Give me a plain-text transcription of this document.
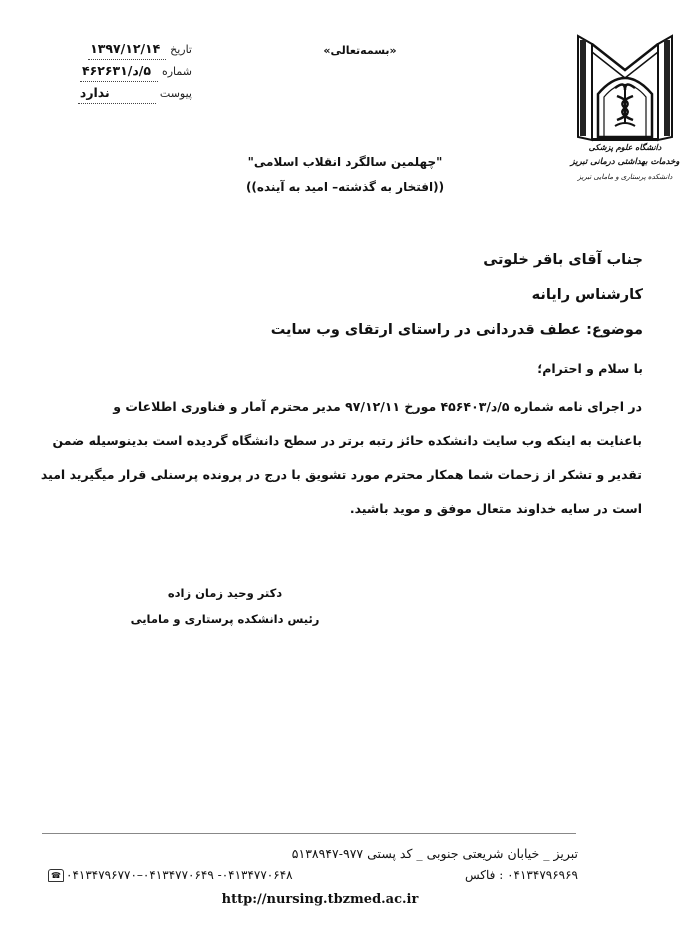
تاریخ
۱۳۹۷/۱۲/۱۴
شماره
۵/د/۴۶۲۶۳۱
پیوست
ندارد
«بسمه‌تعالی»
دانشگاه علوم پزشکی
وخدمات بهداشتی درمانی تبریز
دانشکده پرستاری و مامایی تبریز
"چهلمین سالگرد انقلاب اسلامی"
((افتخار به گذشته– امید به آینده))
جناب آقای باقر خلوتی
کارشناس رایانه
موضوع: عطف قدردانی در راستای ارتقای وب سایت
با سلام و احترام؛
در اجرای نامه شماره ۵/د/۴۵۶۴۰۳ مورخ ۹۷/۱۲/۱۱ مدیر محترم آمار و فناوری اطلاعات و
باعنایت به اینکه وب سایت دانشکده حائز رتبه برتر در سطح دانشگاه گردیده است بدینوسیله ضمن
تقدیر و تشکر از زحمات شما همکار محترم مورد تشویق با درج در پرونده پرسنلی قرار میگیرید امید
است در سایه خداوند متعال موفق و موید باشید.
دکتر وحید زمان زاده
رئیس دانشکده پرستاری و مامایی
تبریز _ خیابان شریعتی جنوبی _ کد پستی ۹۷۷-۵۱۳۸۹۴۷
☎ ۰۴۱۳۴۷۷۰۶۴۸- ۰۴۱۳۴۷۷۰۶۴۹–۰۴۱۳۴۷۹۶۷۷۰	۰۴۱۳۴۷۹۶۹۶۹ : فاکس
http://nursing.tbzmed.ac.ir
